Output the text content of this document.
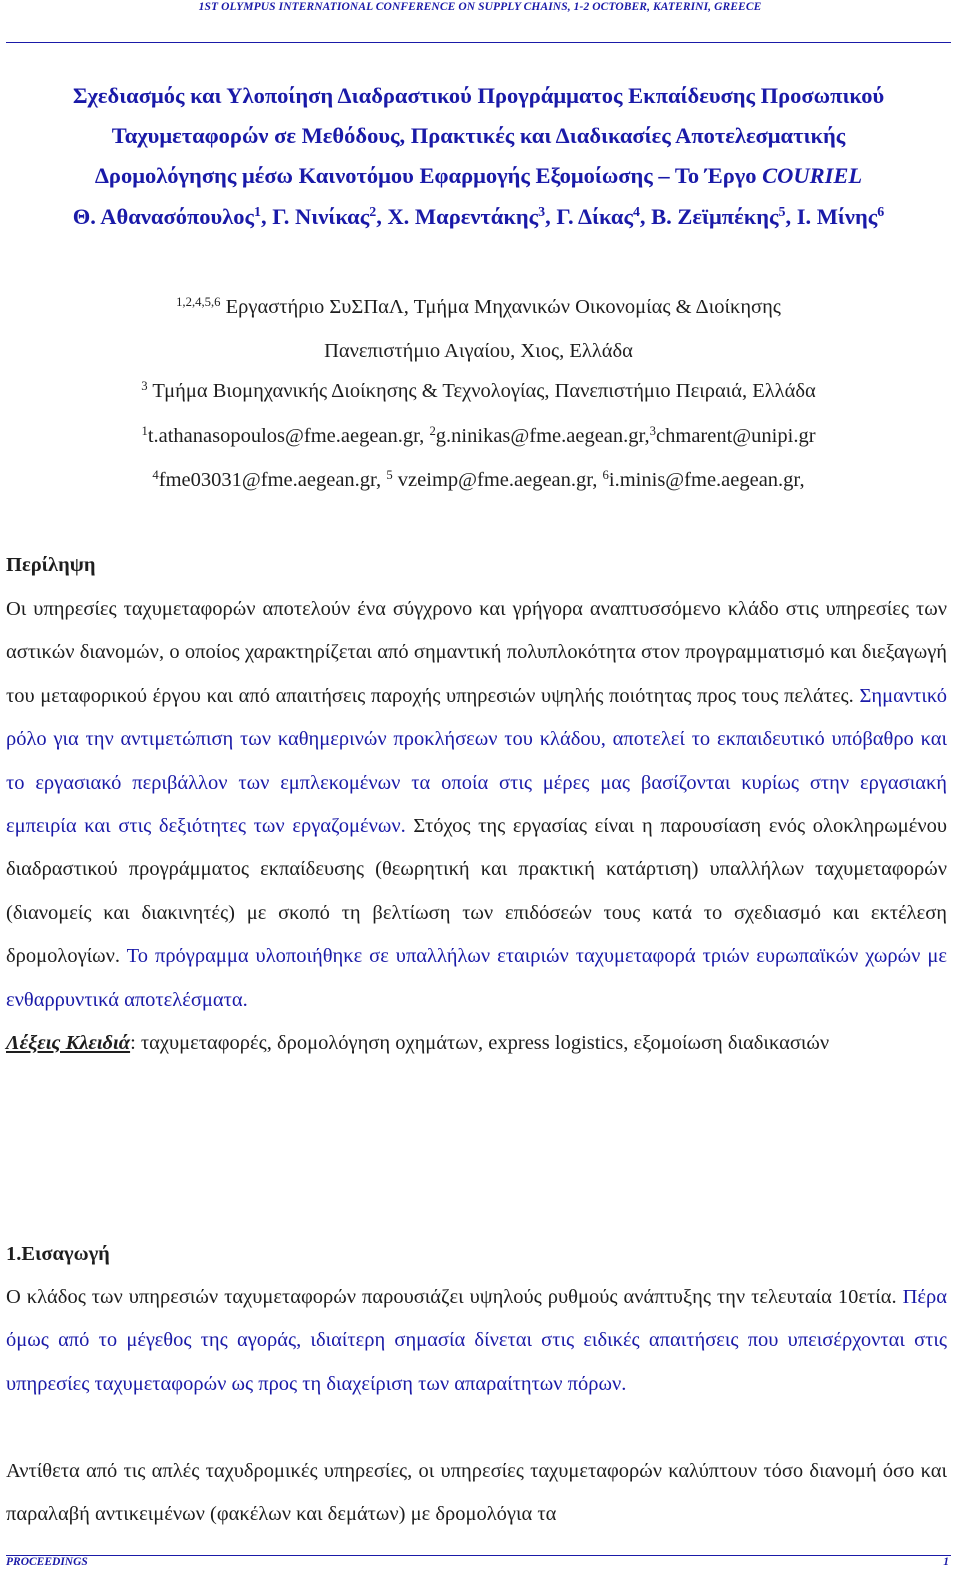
1ST OLYMPUS INTERNATIONAL CONFERENCE ON SUPPLY CHAINS, 1-2 OCTOBER, KATERINI, GREECE
Σχεδιασμός και Υλοποίηση Διαδραστικού Προγράμματος Εκπαίδευσης Προσωπικού
Ταχυμεταφορών σε Μεθόδους, Πρακτικές και Διαδικασίες Αποτελεσματικής
Δρομολόγησης μέσω Καινοτόμου Εφαρμογής Εξομοίωσης – Το Έργο COURIEL
Θ. Αθανασόπουλος$^1$, Γ. Νινίκας$^2$, Χ. Μαρεντάκης$^3$, Γ. Δίκας$^4$, Β. Ζεϊμπέκης$^5$, Ι. Μίνης$^6$
$^{1,2,4,5,6}$ Εργαστήριο ΣυΣΠαΛ, Τμήμα Μηχανικών Οικονομίας & Διοίκησης
Πανεπιστήμιο Αιγαίου, Χιος, Ελλάδα
$^3$ Τμήμα Βιομηχανικής Διοίκησης & Τεχνολογίας, Πανεπιστήμιο Πειραιά, Ελλάδα
$^1$t.athanasopoulos@fme.aegean.gr, $^2$g.ninikas@fme.aegean.gr,$^3$chmarent@unipi.gr
$^4$fme03031@fme.aegean.gr, $^5$ vzeimp@fme.aegean.gr, $^6$i.minis@fme.aegean.gr,
Περίληψη

Οι υπηρεσίες ταχυμεταφορών αποτελούν ένα σύγχρονο και γρήγορα αναπτυσσόμενο κλάδο στις υπηρεσίες των αστικών διανομών, ο οποίος χαρακτηρίζεται από σημαντική πολυπλοκότητα στον προγραμματισμό και διεξαγωγή του μεταφορικού έργου και από απαιτήσεις παροχής υπηρεσιών υψηλής ποιότητας προς τους πελάτες. Σημαντικό ρόλο για την αντιμετώπιση των καθημερινών προκλήσεων του κλάδου, αποτελεί το εκπαιδευτικό υπόβαθρο και το εργασιακό περιβάλλον των εμπλεκομένων τα οποία στις μέρες μας βασίζονται κυρίως στην εργασιακή εμπειρία και στις δεξιότητες των εργαζομένων. Στόχος της εργασίας είναι η παρουσίαση ενός ολοκληρωμένου διαδραστικού προγράμματος εκπαίδευσης (θεωρητική και πρακτική κατάρτιση) υπαλλήλων ταχυμεταφορών (διανομείς και διακινητές) με σκοπό τη βελτίωση των επιδόσεών τους κατά το σχεδιασμό και εκτέλεση δρομολογίων. Το πρόγραμμα υλοποιήθηκε σε υπαλλήλων εταιριών ταχυμεταφορά τριών ευρωπαϊκών χωρών με ενθαρρυντικά αποτελέσματα.
Λέξεις Κλειδιά: ταχυμεταφορές, δρομολόγηση οχημάτων, express logistics, εξομοίωση διαδικασιών

1.Εισαγωγή

Ο κλάδος των υπηρεσιών ταχυμεταφορών παρουσιάζει υψηλούς ρυθμούς ανάπτυξης την τελευταία 10ετία. Πέρα όμως από το μέγεθος της αγοράς, ιδιαίτερη σημασία δίνεται στις ειδικές απαιτήσεις που υπεισέρχονται στις υπηρεσίες ταχυμεταφορών ως προς τη διαχείριση των απαραίτητων πόρων.

Αντίθετα από τις απλές ταχυδρομικές υπηρεσίες, οι υπηρεσίες ταχυμεταφορών καλύπτουν τόσο διανομή όσο και παραλαβή αντικειμένων (φακέλων και δεμάτων) με δρομολόγια τα

PROCEEDINGS	1
